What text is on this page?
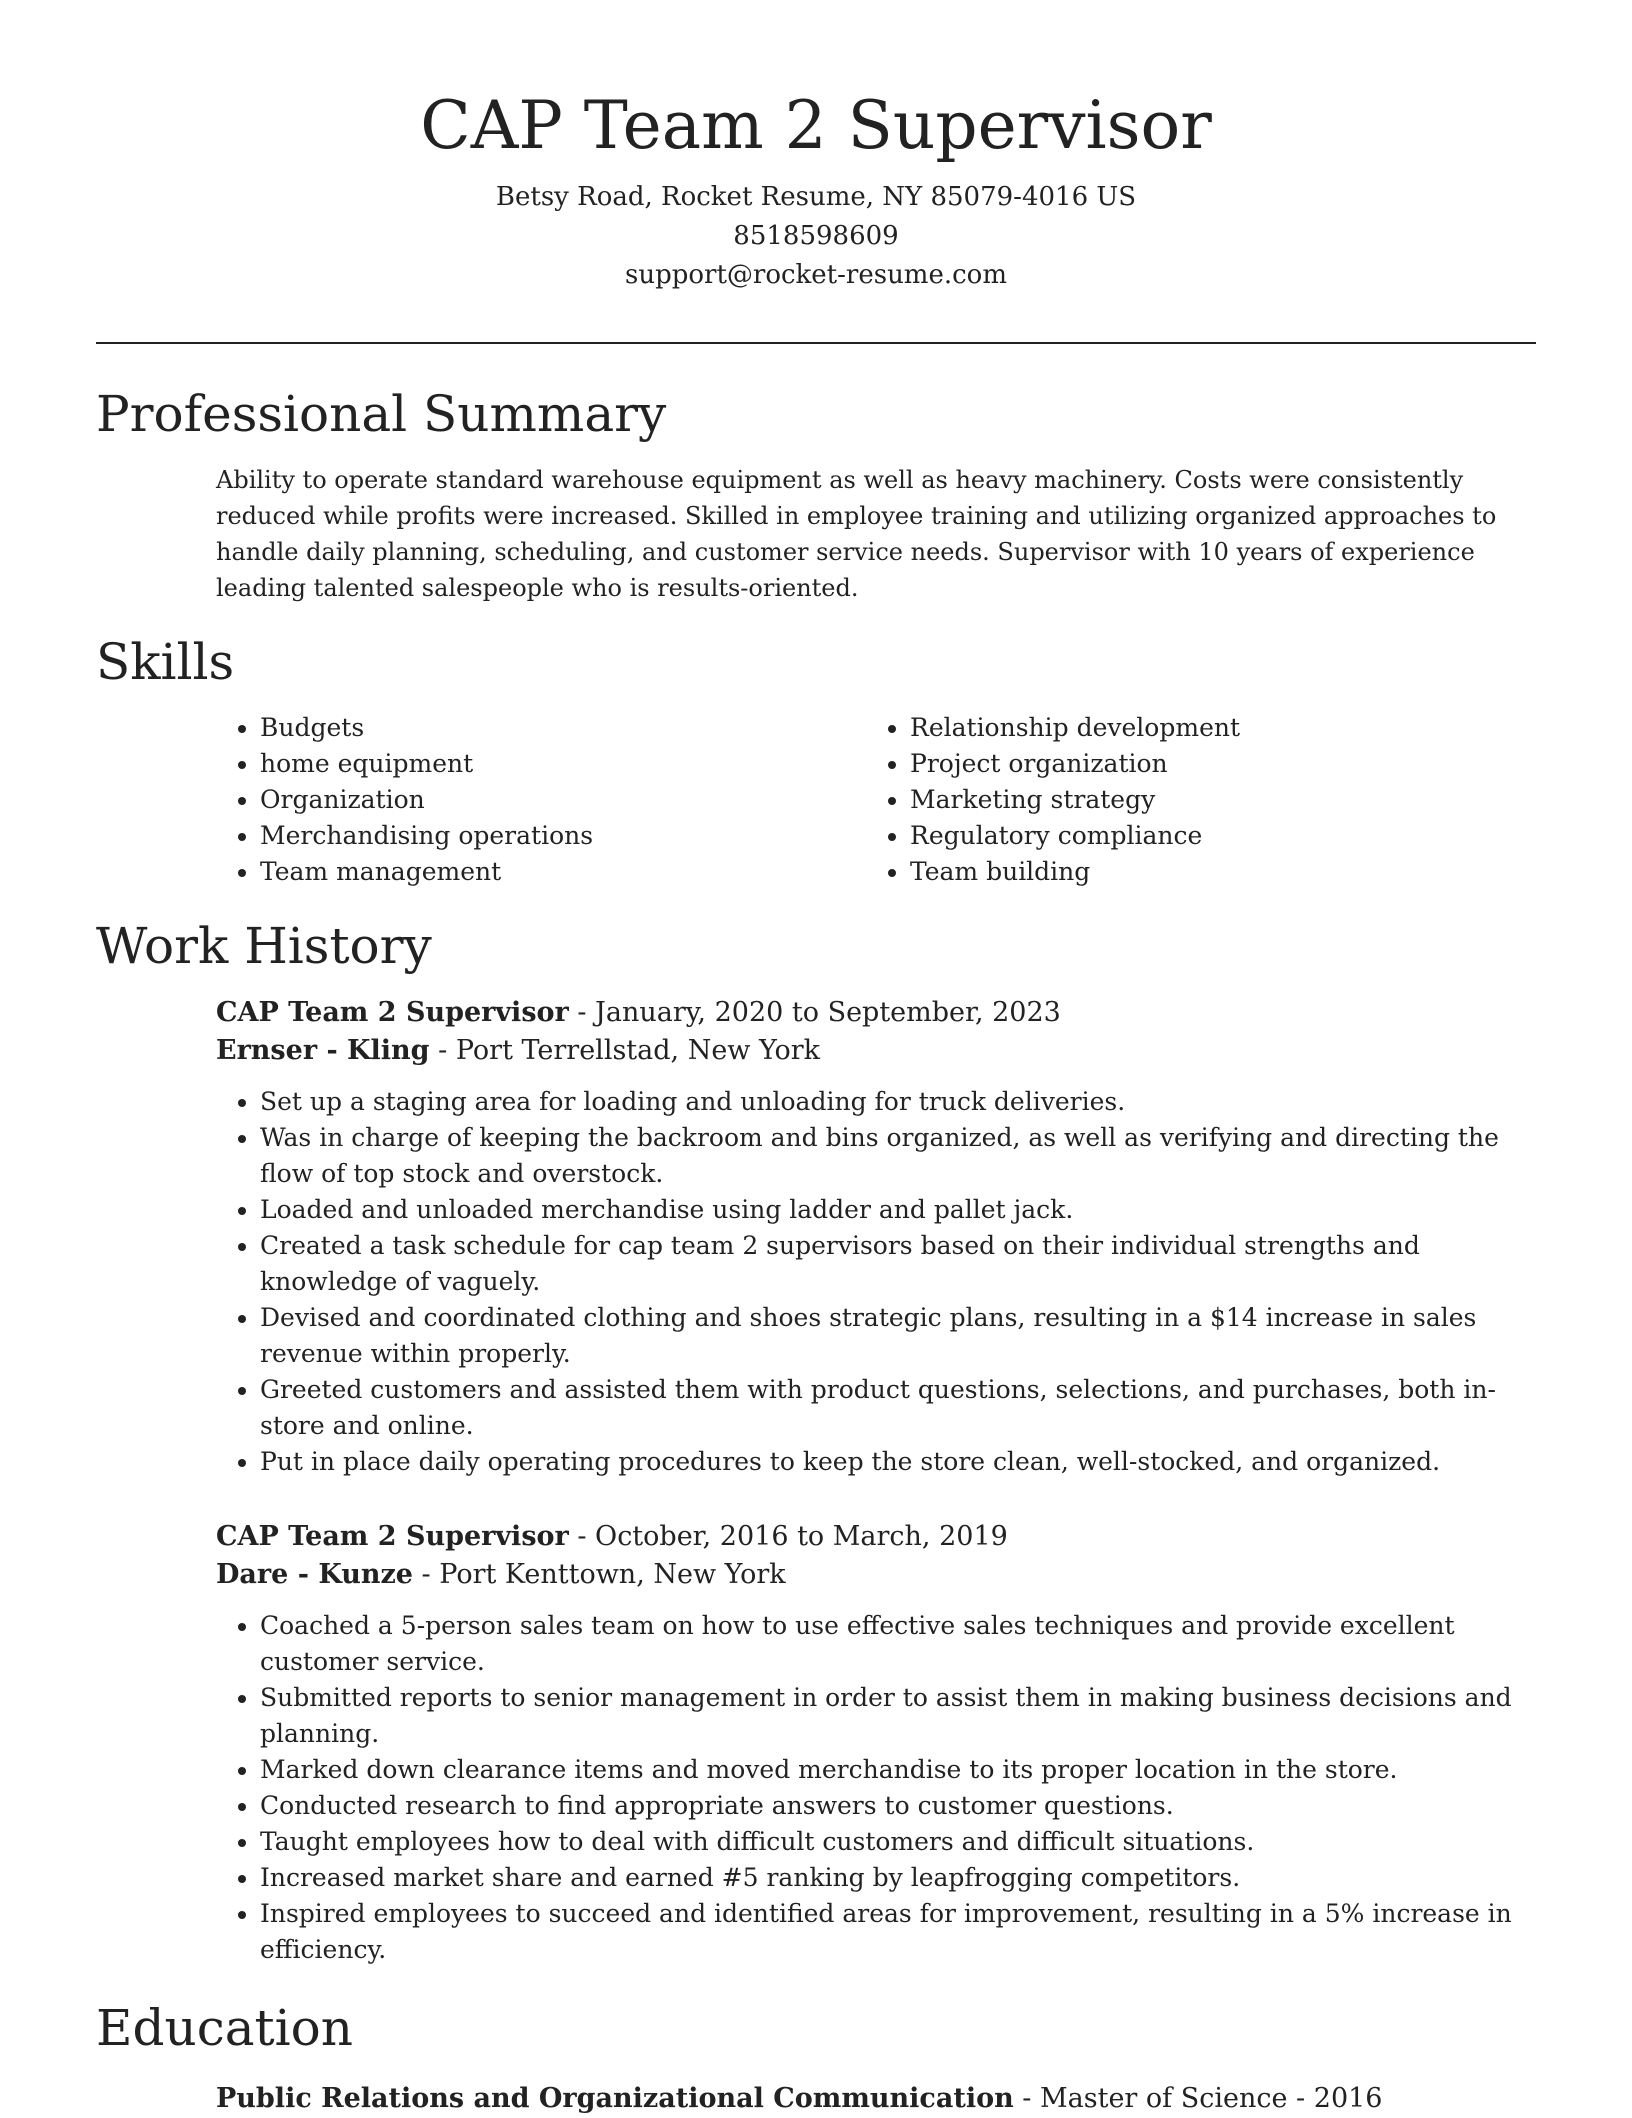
CAP Team 2 Supervisor

Betsy Road, Rocket Resume, NY 85079-4016 US

8518598609

support@rocket-resume.com

Professional Summary

Ability to operate standard warehouse equipment as well as heavy machinery. Costs were consistently reduced while profits were increased. Skilled in employee training and utilizing organized approaches to handle daily planning, scheduling, and customer service needs. Supervisor with 10 years of experience leading talented salespeople who is results-oriented.

Skills
• Budgets
• home equipment
• Organization
• Merchandising operations
• Team management
• Relationship development
• Project organization
• Marketing strategy
• Regulatory compliance
• Team building
Work History

CAP Team 2 Supervisor - January, 2020 to September, 2023

Ernser - Kling - Port Terrellstad, New York

• Set up a staging area for loading and unloading for truck deliveries.
• Was in charge of keeping the backroom and bins organized, as well as verifying and directing the flow of top stock and overstock.
• Loaded and unloaded merchandise using ladder and pallet jack.
• Created a task schedule for cap team 2 supervisors based on their individual strengths and knowledge of vaguely.
• Devised and coordinated clothing and shoes strategic plans, resulting in a $14 increase in sales revenue within properly.
• Greeted customers and assisted them with product questions, selections, and purchases, both in-store and online.
• Put in place daily operating procedures to keep the store clean, well-stocked, and organized.

CAP Team 2 Supervisor - October, 2016 to March, 2019

Dare - Kunze - Port Kenttown, New York

• Coached a 5-person sales team on how to use effective sales techniques and provide excellent customer service.
• Submitted reports to senior management in order to assist them in making business decisions and planning.
• Marked down clearance items and moved merchandise to its proper location in the store.
• Conducted research to find appropriate answers to customer questions.
• Taught employees how to deal with difficult customers and difficult situations.
• Increased market share and earned #5 ranking by leapfrogging competitors.
• Inspired employees to succeed and identified areas for improvement, resulting in a 5% increase in efficiency.
Education

Public Relations and Organizational Communication - Master of Science - 2016
